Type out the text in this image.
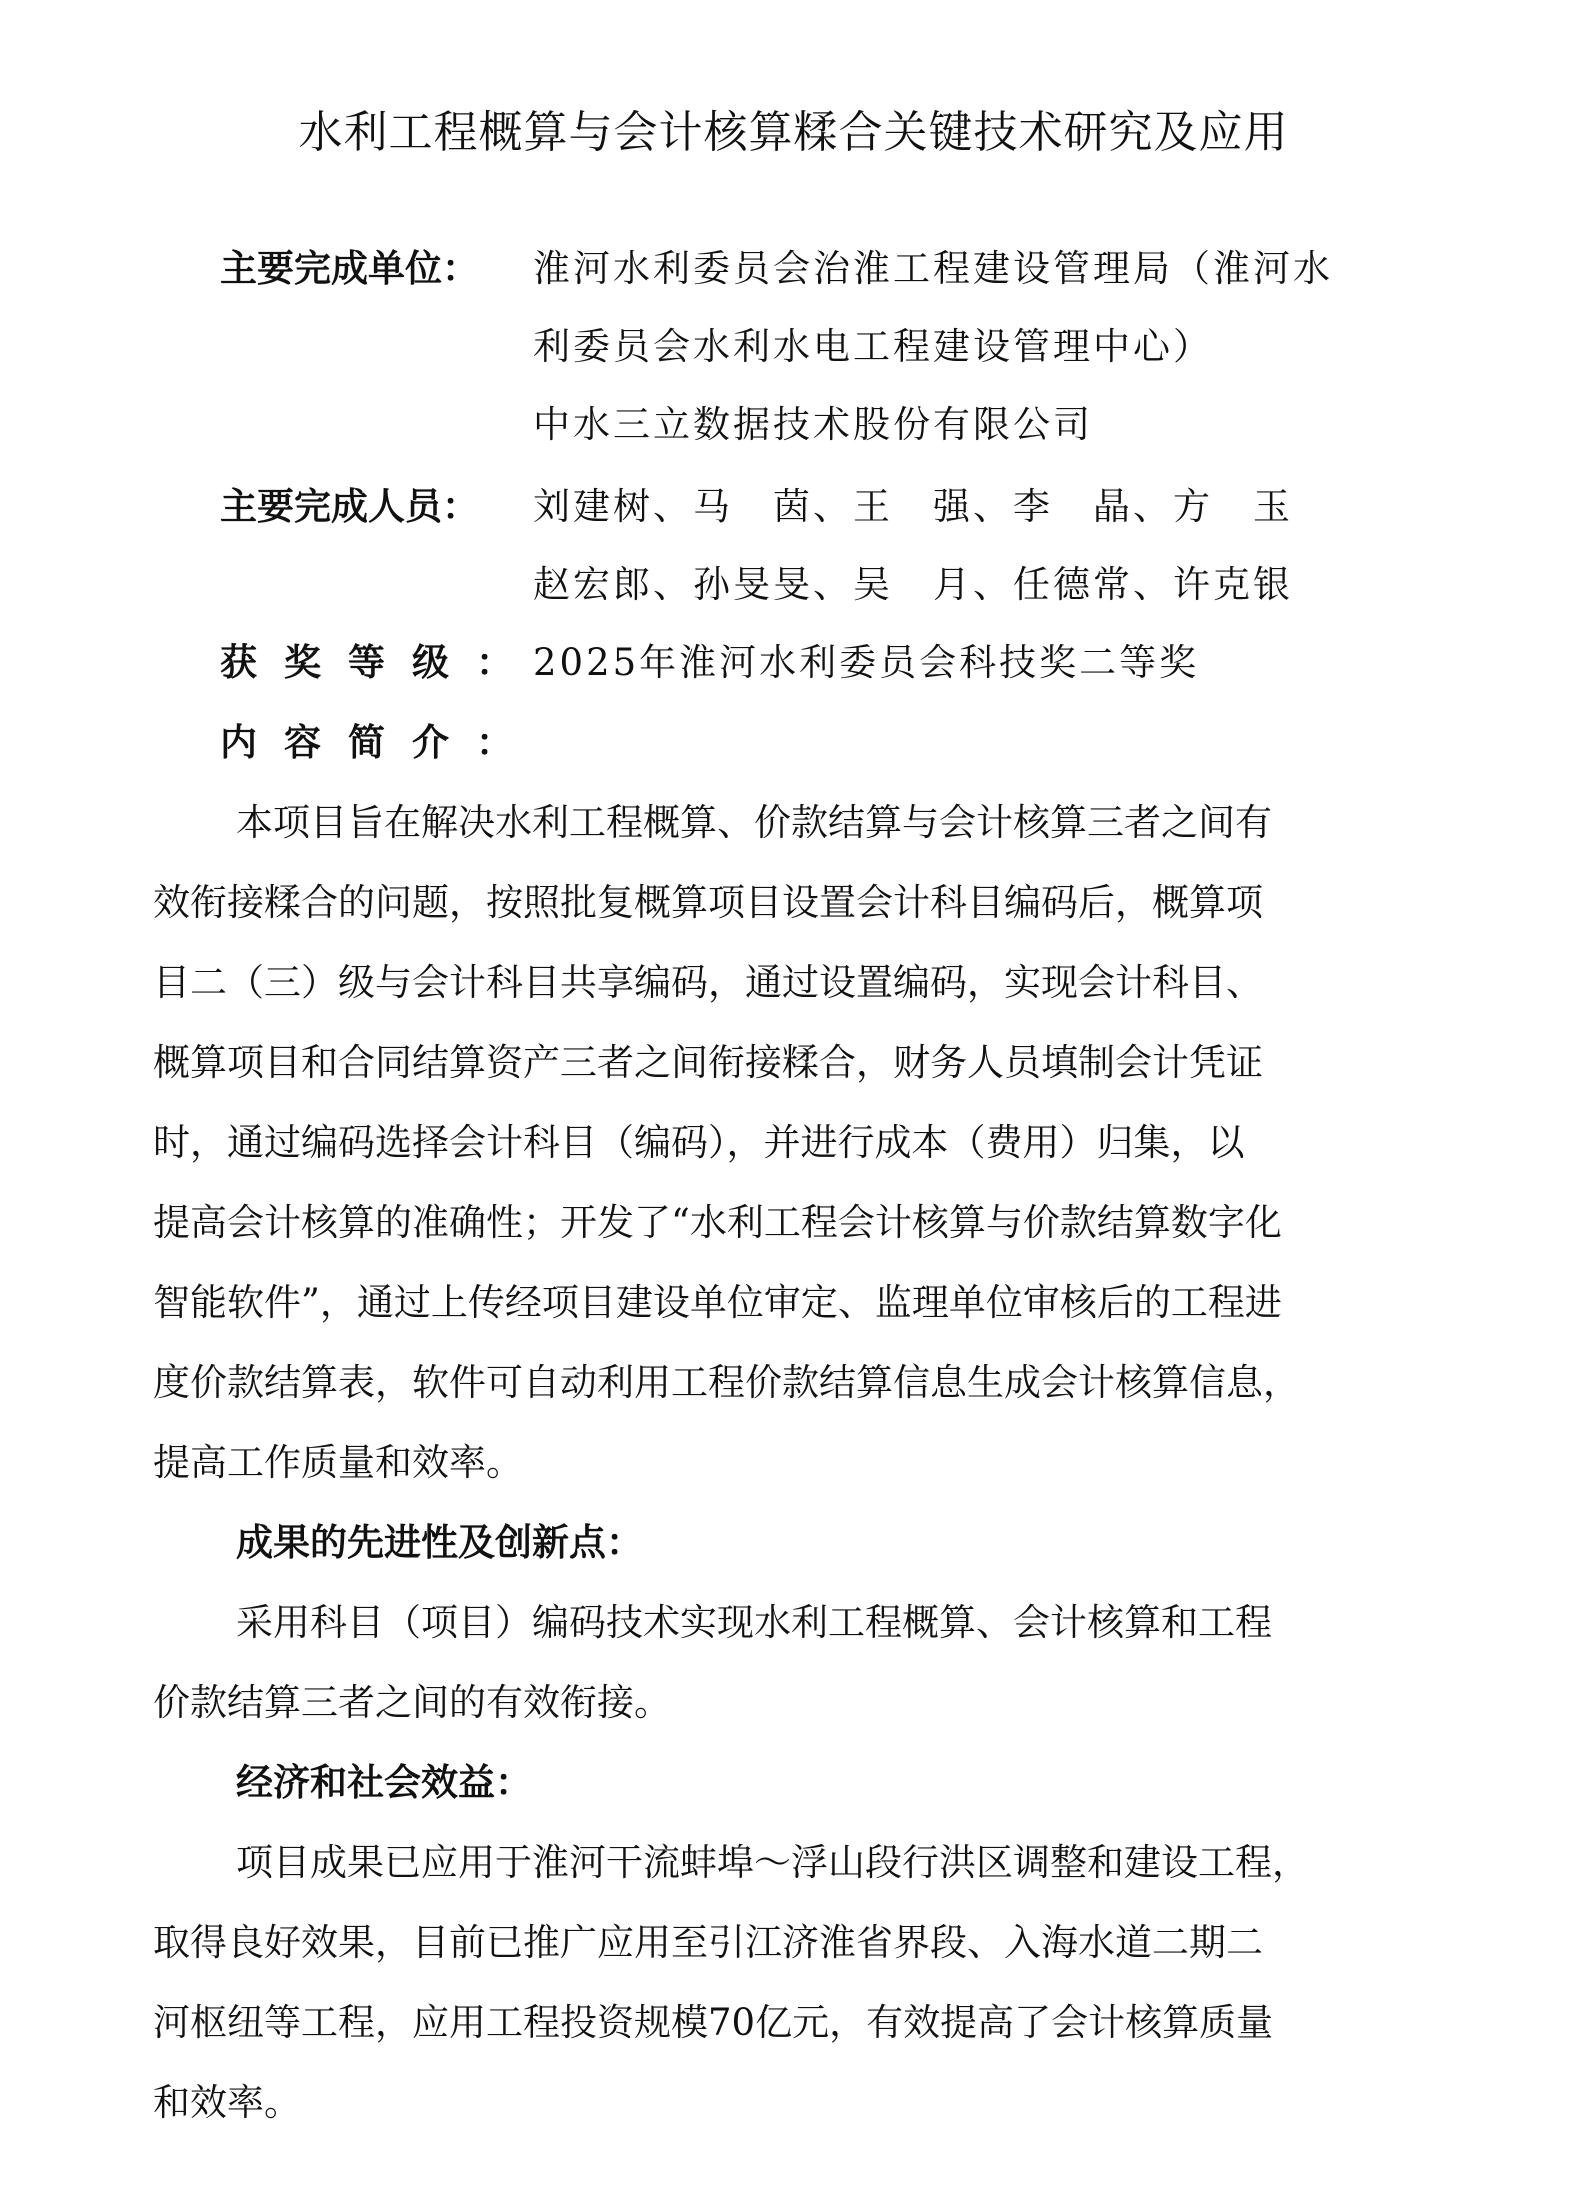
水利工程概算与会计核算糅合关键技术研究及应用
主要完成单位： 淮河水利委员会治淮工程建设管理局（淮河水
利委员会水利水电工程建设管理中心）
中水三立数据技术股份有限公司
主要完成人员： 刘建树、马　茵、王　强、李　晶、方　玉
赵宏郎、孙旻旻、吴　月、任德常、许克银
获奖等级：
2025年淮河水利委员会科技奖二等奖
内容简介：
本项目旨在解决水利工程概算、价款结算与会计核算三者之间有
效衔接糅合的问题，按照批复概算项目设置会计科目编码后，概算项
目二（三）级与会计科目共享编码，通过设置编码，实现会计科目、
概算项目和合同结算资产三者之间衔接糅合，财务人员填制会计凭证
时，通过编码选择会计科目（编码），并进行成本（费用）归集，以
提高会计核算的准确性；开发了“水利工程会计核算与价款结算数字化
智能软件”，通过上传经项目建设单位审定、监理单位审核后的工程进
度价款结算表，软件可自动利用工程价款结算信息生成会计核算信息，
提高工作质量和效率。
成果的先进性及创新点：
采用科目（项目）编码技术实现水利工程概算、会计核算和工程
价款结算三者之间的有效衔接。
经济和社会效益：
项目成果已应用于淮河干流蚌埠～浮山段行洪区调整和建设工程，
取得良好效果，目前已推广应用至引江济淮省界段、入海水道二期二
河枢纽等工程，应用工程投资规模70亿元，有效提高了会计核算质量
和效率。
